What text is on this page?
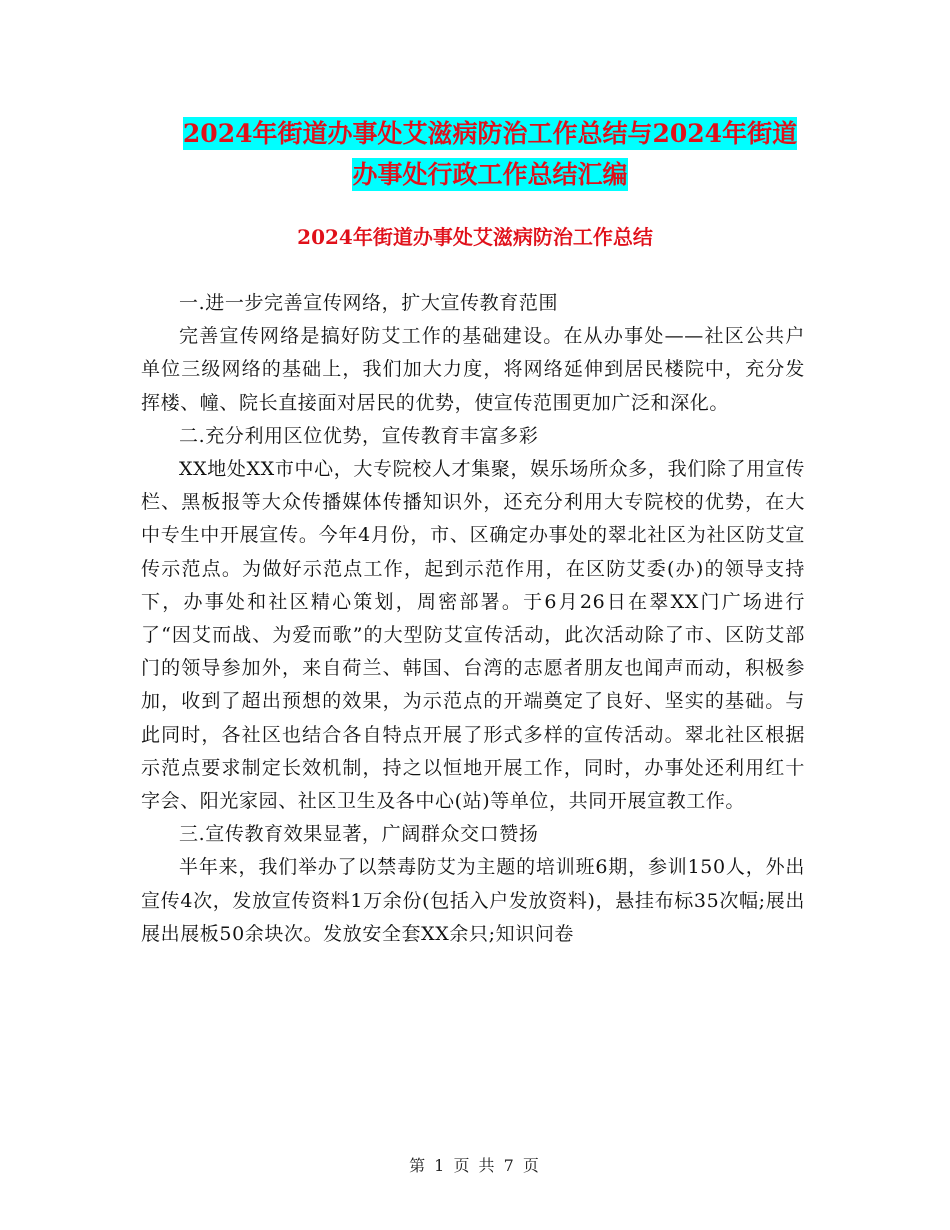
2024年街道办事处艾滋病防治工作总结与2024年街道
办事处行政工作总结汇编
2024年街道办事处艾滋病防治工作总结

一.进一步完善宣传网络，扩大宣传教育范围

完善宣传网络是搞好防艾工作的基础建设。在从办事处——社区公共户单位三级网络的基础上，我们加大力度，将网络延伸到居民楼院中，充分发挥楼、幢、院长直接面对居民的优势，使宣传范围更加广泛和深化。

二.充分利用区位优势，宣传教育丰富多彩

XX地处XX市中心，大专院校人才集聚，娱乐场所众多，我们除了用宣传栏、黑板报等大众传播媒体传播知识外，还充分利用大专院校的优势，在大中专生中开展宣传。今年4月份，市、区确定办事处的翠北社区为社区防艾宣传示范点。为做好示范点工作，起到示范作用，在区防艾委(办)的领导支持下，办事处和社区精心策划，周密部署。于6月26日在翠XX门广场进行了“因艾而战、为爱而歌”的大型防艾宣传活动，此次活动除了市、区防艾部门的领导参加外，来自荷兰、韩国、台湾的志愿者朋友也闻声而动，积极参加，收到了超出预想的效果，为示范点的开端奠定了良好、坚实的基础。与此同时，各社区也结合各自特点开展了形式多样的宣传活动。翠北社区根据示范点要求制定长效机制，持之以恒地开展工作，同时，办事处还利用红十字会、阳光家园、社区卫生及各中心(站)等单位，共同开展宣教工作。

三.宣传教育效果显著，广阔群众交口赞扬

半年来，我们举办了以禁毒防艾为主题的培训班6期，参训150人，外出宣传4次，发放宣传资料1万余份(包括入户发放资料)，悬挂布标35次幅;展出展出展板50余块次。发放安全套XX余只;知识问卷

第 1 页 共 7 页
